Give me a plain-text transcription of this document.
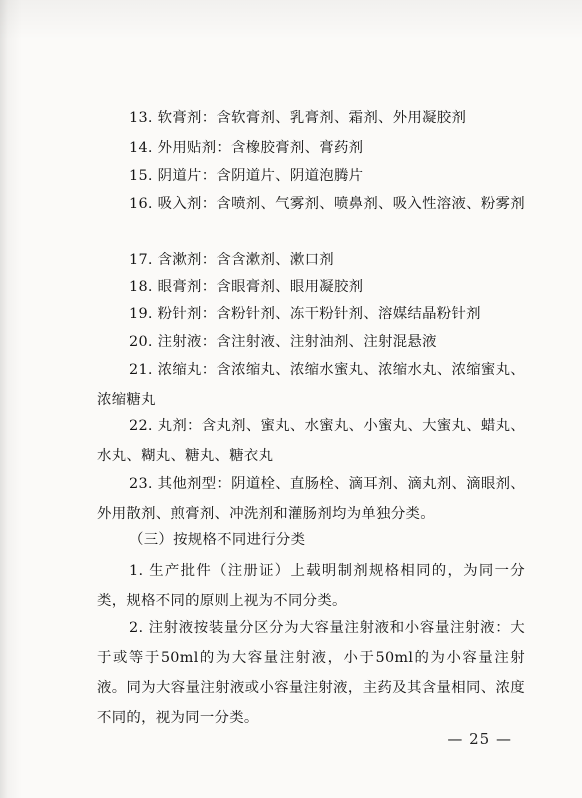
13. 软膏剂：含软膏剂、乳膏剂、霜剂、外用凝胶剂

14. 外用贴剂：含橡胶膏剂、膏药剂

15. 阴道片：含阴道片、阴道泡腾片

16. 吸入剂：含喷剂、气雾剂、喷鼻剂、吸入性溶液、粉雾剂

17. 含漱剂：含含漱剂、漱口剂

18. 眼膏剂：含眼膏剂、眼用凝胶剂

19. 粉针剂：含粉针剂、冻干粉针剂、溶媒结晶粉针剂

20. 注射液：含注射液、注射油剂、注射混悬液

21. 浓缩丸：含浓缩丸、浓缩水蜜丸、浓缩水丸、浓缩蜜丸、浓缩糖丸

22. 丸剂：含丸剂、蜜丸、水蜜丸、小蜜丸、大蜜丸、蜡丸、水丸、糊丸、糖丸、糖衣丸

23. 其他剂型：阴道栓、直肠栓、滴耳剂、滴丸剂、滴眼剂、外用散剂、煎膏剂、冲洗剂和灌肠剂均为单独分类。

（三）按规格不同进行分类

1. 生产批件（注册证）上载明制剂规格相同的，为同一分类，规格不同的原则上视为不同分类。

2. 注射液按装量分区分为大容量注射液和小容量注射液：大于或等于50ml的为大容量注射液，小于50ml的为小容量注射液。同为大容量注射液或小容量注射液，主药及其含量相同、浓度不同的，视为同一分类。

— 25 —
